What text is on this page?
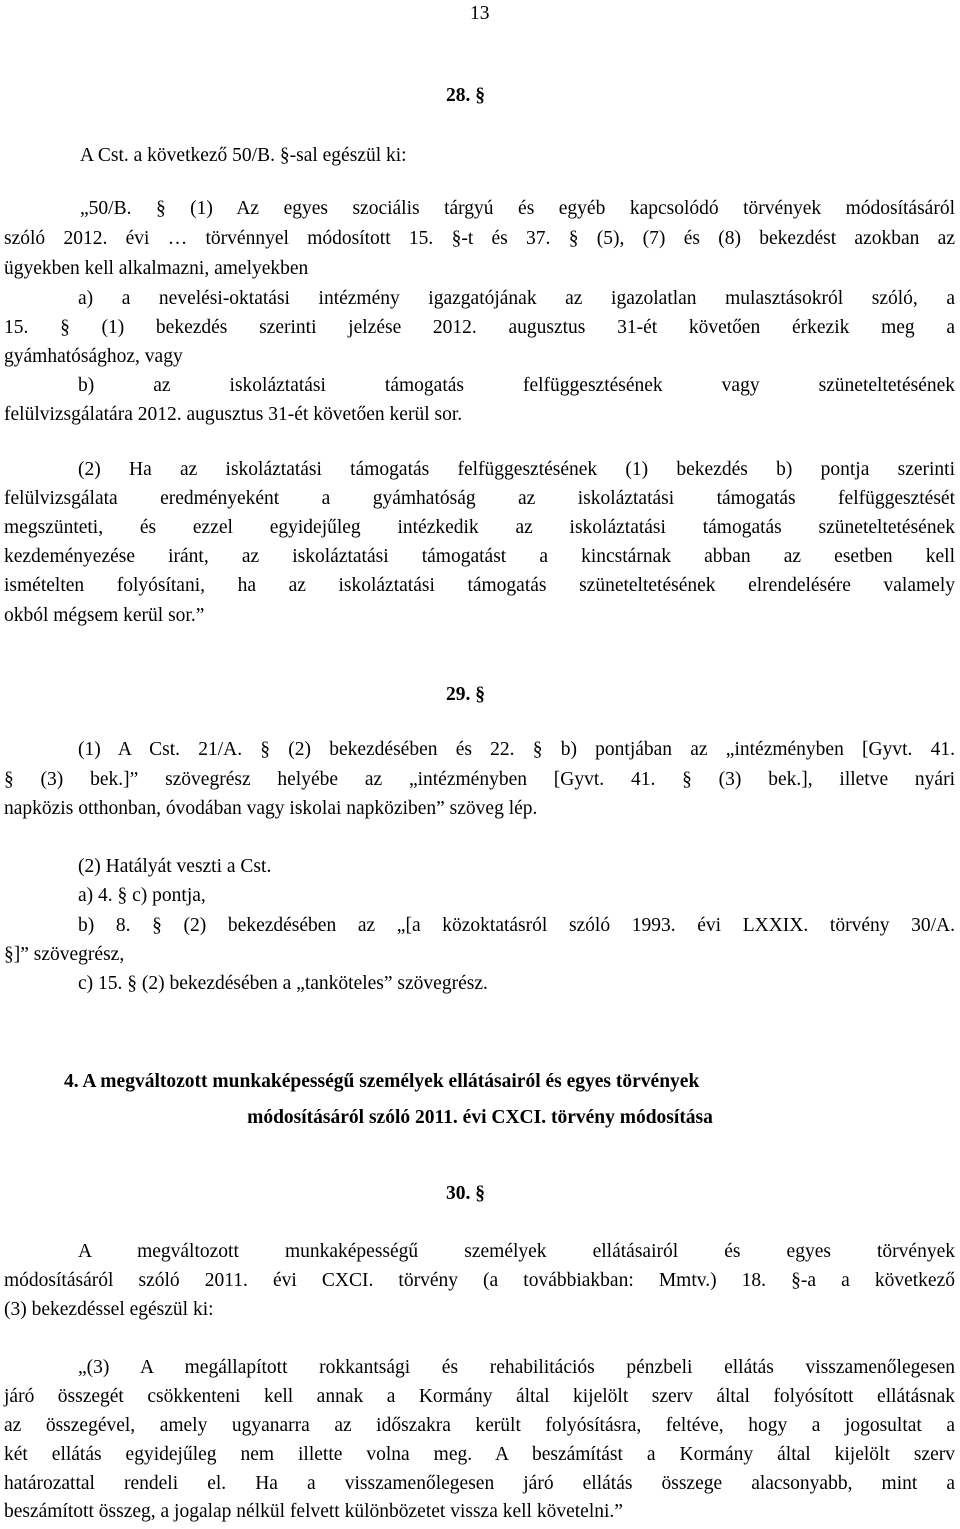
13
28. §
A Cst. a következő 50/B. §-sal egészül ki:
„50/B. § (1) Az egyes szociális tárgyú és egyéb kapcsolódó törvények módosításáról
szóló 2012. évi … törvénnyel módosított 15. §-t és 37. § (5), (7) és (8) bekezdést azokban az
ügyekben kell alkalmazni, amelyekben
a) a nevelési-oktatási intézmény igazgatójának az igazolatlan mulasztásokról szóló, a
15. § (1) bekezdés szerinti jelzése 2012. augusztus 31-ét követően érkezik meg a
gyámhatósághoz, vagy
b) az iskoláztatási támogatás felfüggesztésének vagy szüneteltetésének
felülvizsgálatára 2012. augusztus 31-ét követően kerül sor.
(2) Ha az iskoláztatási támogatás felfüggesztésének (1) bekezdés b) pontja szerinti
felülvizsgálata eredményeként a gyámhatóság az iskoláztatási támogatás felfüggesztését
megszünteti, és ezzel egyidejűleg intézkedik az iskoláztatási támogatás szüneteltetésének
kezdeményezése iránt, az iskoláztatási támogatást a kincstárnak abban az esetben kell
ismételten folyósítani, ha az iskoláztatási támogatás szüneteltetésének elrendelésére valamely
okból mégsem kerül sor.”
29. §
(1) A Cst. 21/A. § (2) bekezdésében és 22. § b) pontjában az „intézményben [Gyvt. 41.
§ (3) bek.]” szövegrész helyébe az „intézményben [Gyvt. 41. § (3) bek.], illetve nyári
napközis otthonban, óvodában vagy iskolai napköziben” szöveg lép.
(2) Hatályát veszti a Cst.
a) 4. § c) pontja,
b) 8. § (2) bekezdésében az „[a közoktatásról szóló 1993. évi LXXIX. törvény 30/A.
§]” szövegrész,
c) 15. § (2) bekezdésében a „tanköteles” szövegrész.
4. A megváltozott munkaképességű személyek ellátásairól és egyes törvények
módosításáról szóló 2011. évi CXCI. törvény módosítása
30. §
A megváltozott munkaképességű személyek ellátásairól és egyes törvények
módosításáról szóló 2011. évi CXCI. törvény (a továbbiakban: Mmtv.) 18. §-a a következő
(3) bekezdéssel egészül ki:
„(3) A megállapított rokkantsági és rehabilitációs pénzbeli ellátás visszamenőlegesen
járó összegét csökkenteni kell annak a Kormány által kijelölt szerv által folyósított ellátásnak
az összegével, amely ugyanarra az időszakra került folyósításra, feltéve, hogy a jogosultat a
két ellátás egyidejűleg nem illette volna meg. A beszámítást a Kormány által kijelölt szerv
határozattal rendeli el. Ha a visszamenőlegesen járó ellátás összege alacsonyabb, mint a
beszámított összeg, a jogalap nélkül felvett különbözetet vissza kell követelni.”
